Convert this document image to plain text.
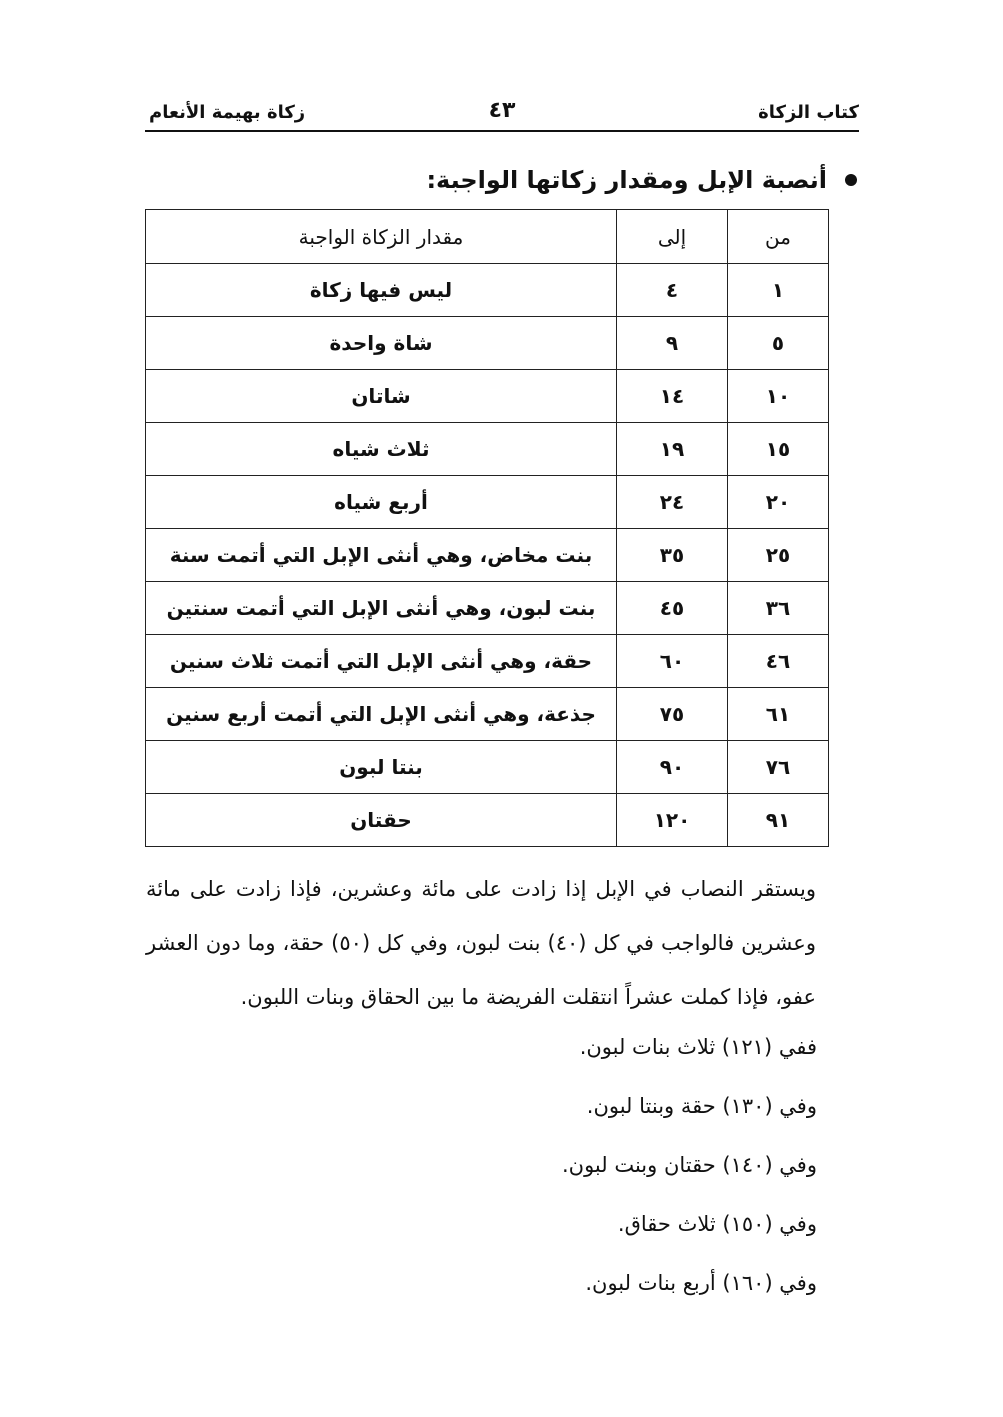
كتاب الزكاة
٤٣
زكاة بهيمة الأنعام
أنصبة الإبل ومقدار زكاتها الواجبة:
من	إلى	مقدار الزكاة الواجبة
١	٤	ليس فيها زكاة
٥	٩	شاة واحدة
١٠	١٤	شاتان
١٥	١٩	ثلاث شياه
٢٠	٢٤	أربع شياه
٢٥	٣٥	بنت مخاض، وهي أنثى الإبل التي أتمت سنة
٣٦	٤٥	بنت لبون، وهي أنثى الإبل التي أتمت سنتين
٤٦	٦٠	حقة، وهي أنثى الإبل التي أتمت ثلاث سنين
٦١	٧٥	جذعة، وهي أنثى الإبل التي أتمت أربع سنين
٧٦	٩٠	بنتا لبون
٩١	١٢٠	حقتان

ويستقر النصاب في الإبل إذا زادت على مائة وعشرين، فإذا زادت على مائة وعشرين فالواجب في كل (٤٠) بنت لبون، وفي كل (٥٠) حقة، وما دون العشر عفو، فإذا كملت عشراً انتقلت الفريضة ما بين الحقاق وبنات اللبون.

ففي (١٢١) ثلاث بنات لبون.
وفي (١٣٠) حقة وبنتا لبون.
وفي (١٤٠) حقتان وبنت لبون.
وفي (١٥٠) ثلاث حقاق.
وفي (١٦٠) أربع بنات لبون.
